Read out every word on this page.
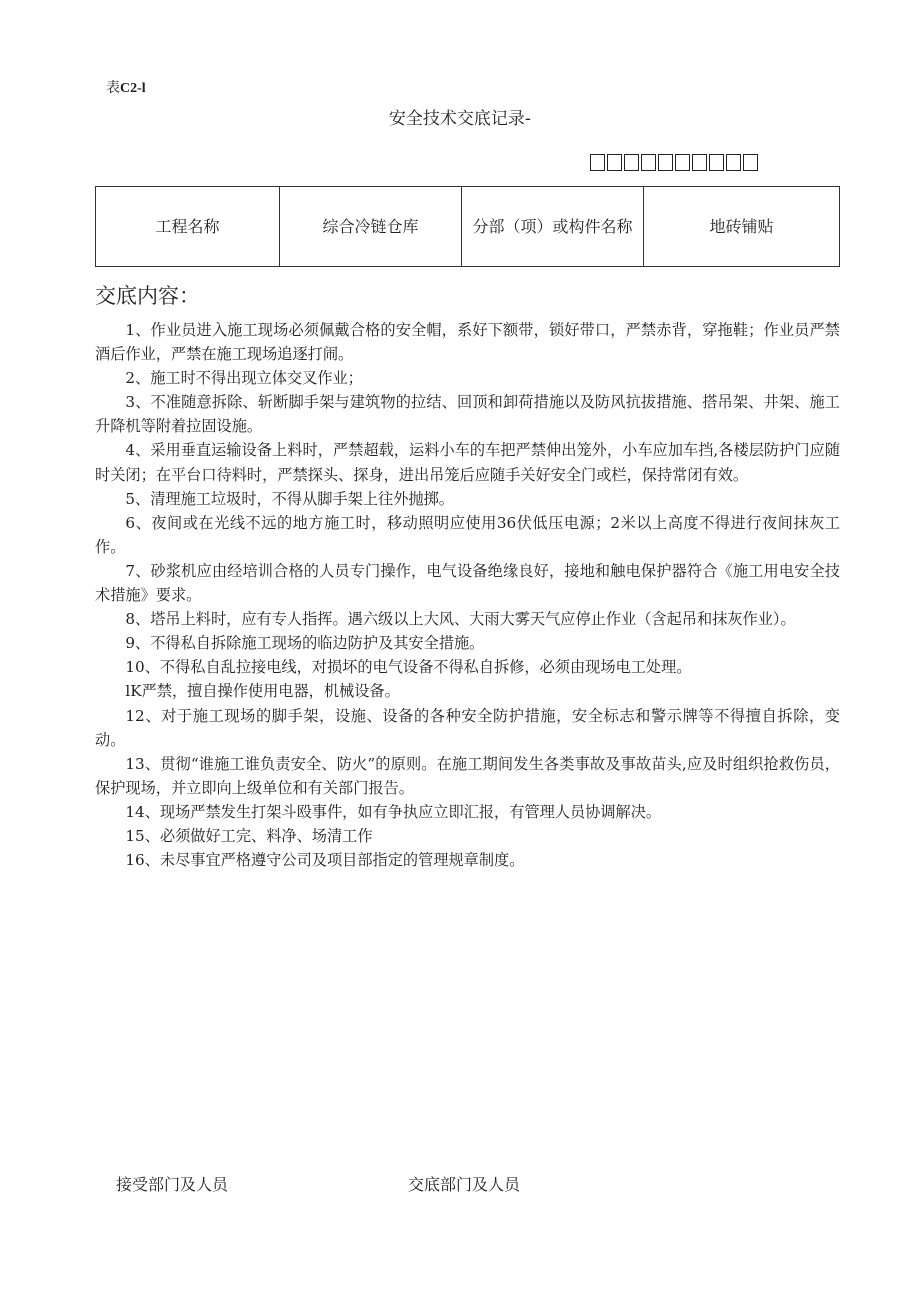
表C2-l
安全技术交底记录-
工程名称	综合冷链仓库	分部（项）或构件名称	地砖铺贴
交底内容：
1、作业员进入施工现场必须佩戴合格的安全帽，系好下额带，锁好带口，严禁赤背，穿拖鞋；作业员严禁酒后作业，严禁在施工现场追逐打闹。
2、施工时不得出现立体交叉作业；
3、不准随意拆除、斩断脚手架与建筑物的拉结、回顶和卸荷措施以及防风抗拔措施、搭吊架、井架、施工升降机等附着拉固设施。
4、采用垂直运输设备上料时，严禁超载，运料小车的车把严禁伸出笼外，小车应加车挡,各楼层防护门应随时关闭；在平台口待料时，严禁探头、探身，进出吊笼后应随手关好安全门或栏，保持常闭有效。
5、清理施工垃圾时，不得从脚手架上往外抛掷。
6、夜间或在光线不远的地方施工时，移动照明应使用36伏低压电源；2米以上高度不得进行夜间抹灰工作。
7、砂浆机应由经培训合格的人员专门操作，电气设备绝缘良好，接地和触电保护器符合《施工用电安全技术措施》要求。
8、塔吊上料时，应有专人指挥。遇六级以上大风、大雨大雾天气应停止作业（含起吊和抹灰作业）。
9、不得私自拆除施工现场的临边防护及其安全措施。
10、不得私自乱拉接电线，对损坏的电气设备不得私自拆修，必须由现场电工处理。
lK严禁，擅自操作使用电器，机械设备。
12、对于施工现场的脚手架，设施、设备的各种安全防护措施，安全标志和警示牌等不得擅自拆除，变动。
13、贯彻“谁施工谁负责安全、防火”的原则。在施工期间发生各类事故及事故苗头,应及时组织抢救伤员，保护现场，并立即向上级单位和有关部门报告。
14、现场严禁发生打架斗殴事件，如有争执应立即汇报，有管理人员协调解决。
15、必须做好工完、料净、场清工作
16、未尽事宜严格遵守公司及项目部指定的管理规章制度。
接受部门及人员	交底部门及人员
